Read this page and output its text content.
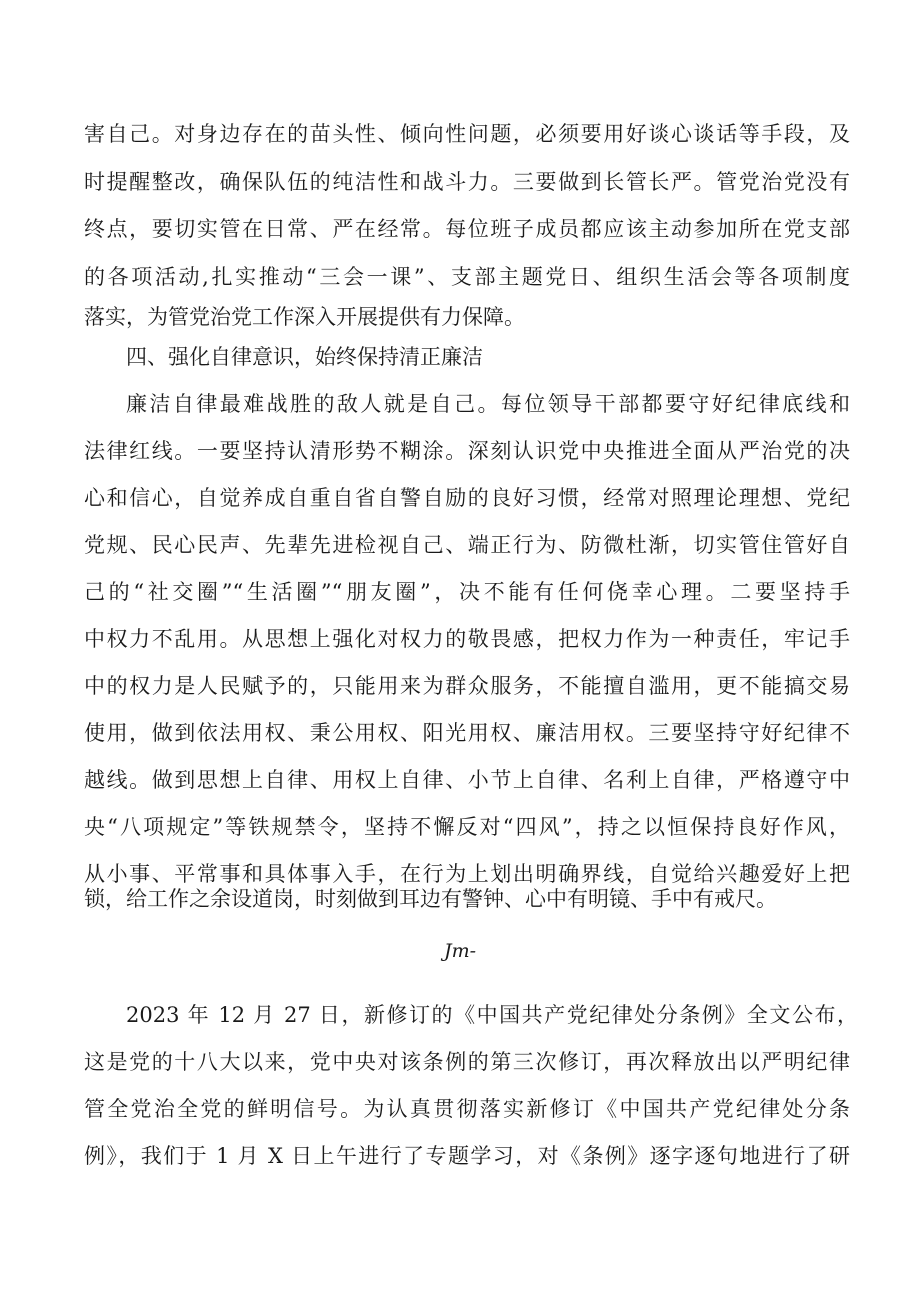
害自己。对身边存在的苗头性、倾向性问题，必须要用好谈心谈话等手段，及
时提醒整改，确保队伍的纯洁性和战斗力。三要做到长管长严。管党治党没有
终点，要切实管在日常、严在经常。每位班子成员都应该主动参加所在党支部
的各项活动,扎实推动“三会一课”、支部主题党日、组织生活会等各项制度
落实，为管党治党工作深入开展提供有力保障。
四、强化自律意识，始终保持清正廉洁
廉洁自律最难战胜的敌人就是自己。每位领导干部都要守好纪律底线和
法律红线。一要坚持认清形势不糊涂。深刻认识党中央推进全面从严治党的决
心和信心，自觉养成自重自省自警自励的良好习惯，经常对照理论理想、党纪
党规、民心民声、先辈先进检视自己、端正行为、防微杜渐，切实管住管好自
己的“社交圈”“生活圈”“朋友圈”，决不能有任何侥幸心理。二要坚持手
中权力不乱用。从思想上强化对权力的敬畏感，把权力作为一种责任，牢记手
中的权力是人民赋予的，只能用来为群众服务，不能擅自滥用，更不能搞交易
使用，做到依法用权、秉公用权、阳光用权、廉洁用权。三要坚持守好纪律不
越线。做到思想上自律、用权上自律、小节上自律、名利上自律，严格遵守中
央“八项规定”等铁规禁令，坚持不懈反对“四风”，持之以恒保持良好作风，
从小事、平常事和具体事入手，在行为上划出明确界线，自觉给兴趣爱好上把
锁，给工作之余设道岗，时刻做到耳边有警钟、心中有明镜、手中有戒尺。
Jm-
2023 年 12 月 27 日，新修订的《中国共产党纪律处分条例》全文公布，
这是党的十八大以来，党中央对该条例的第三次修订，再次释放出以严明纪律
管全党治全党的鲜明信号。为认真贯彻落实新修订《中国共产党纪律处分条
例》，我们于 1 月 X 日上午进行了专题学习，对《条例》逐字逐句地进行了研
